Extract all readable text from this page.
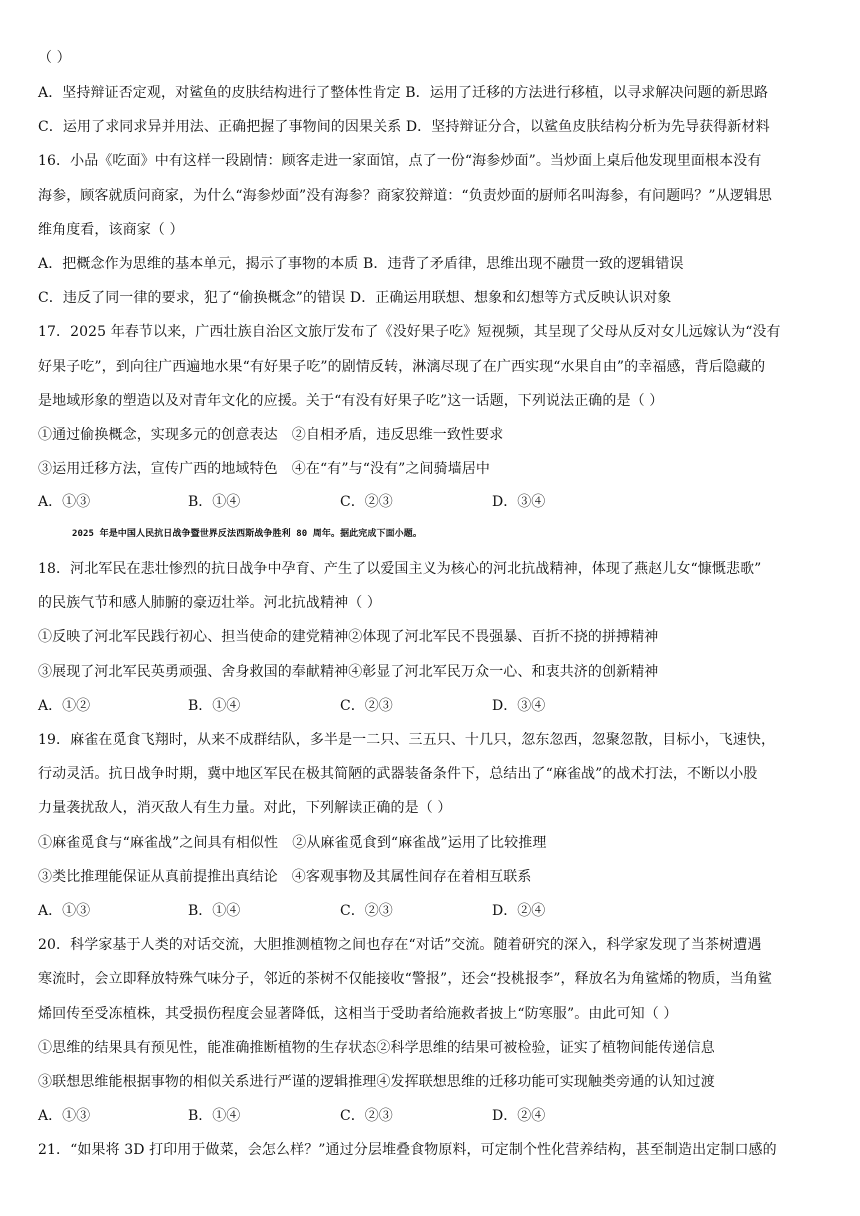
（ ）
A．坚持辩证否定观，对鲨鱼的皮肤结构进行了整体性肯定 B．运用了迁移的方法进行移植，以寻求解决问题的新思路
C．运用了求同求异并用法、正确把握了事物间的因果关系 D．坚持辩证分合，以鲨鱼皮肤结构分析为先导获得新材料
16．小品《吃面》中有这样一段剧情：顾客走进一家面馆，点了一份“海参炒面”。当炒面上桌后他发现里面根本没有
海参，顾客就质问商家，为什么“海参炒面”没有海参？商家狡辩道：“负责炒面的厨师名叫海参，有问题吗？”从逻辑思
维角度看，该商家（ ）
A．把概念作为思维的基本单元，揭示了事物的本质 B．违背了矛盾律，思维出现不融贯一致的逻辑错误
C．违反了同一律的要求，犯了“偷换概念”的错误 D．正确运用联想、想象和幻想等方式反映认识对象
17．2025 年春节以来，广西壮族自治区文旅厅发布了《没好果子吃》短视频，其呈现了父母从反对女儿远嫁认为“没有
好果子吃”，到向往广西遍地水果“有好果子吃”的剧情反转，淋漓尽现了在广西实现“水果自由”的幸福感，背后隐藏的
是地域形象的塑造以及对青年文化的应援。关于“有没有好果子吃”这一话题，下列说法正确的是（ ）
①通过偷换概念，实现多元的创意表达　②自相矛盾，违反思维一致性要求
③运用迁移方法，宣传广西的地域特色　④在“有”与“没有”之间骑墙居中
A．①③	B．①④	C．②③	D．③④
2025 年是中国人民抗日战争暨世界反法西斯战争胜利 80 周年。据此完成下面小题。
18．河北军民在悲壮惨烈的抗日战争中孕育、产生了以爱国主义为核心的河北抗战精神，体现了燕赵儿女“慷慨悲歌”
的民族气节和感人肺腑的豪迈壮举。河北抗战精神（ ）
①反映了河北军民践行初心、担当使命的建党精神②体现了河北军民不畏强暴、百折不挠的拼搏精神
③展现了河北军民英勇顽强、舍身救国的奉献精神④彰显了河北军民万众一心、和衷共济的创新精神
A．①②	B．①④	C．②③	D．③④
19．麻雀在觅食飞翔时，从来不成群结队，多半是一二只、三五只、十几只，忽东忽西，忽聚忽散，目标小，飞速快，
行动灵活。抗日战争时期，冀中地区军民在极其简陋的武器装备条件下，总结出了“麻雀战”的战术打法，不断以小股
力量袭扰敌人，消灭敌人有生力量。对此，下列解读正确的是（ ）
①麻雀觅食与“麻雀战”之间具有相似性　②从麻雀觅食到“麻雀战”运用了比较推理
③类比推理能保证从真前提推出真结论　④客观事物及其属性间存在着相互联系
A．①③	B．①④	C．②③	D．②④
20．科学家基于人类的对话交流，大胆推测植物之间也存在“对话”交流。随着研究的深入，科学家发现了当茶树遭遇
寒流时，会立即释放特殊气味分子，邻近的茶树不仅能接收“警报”，还会“投桃报李”，释放名为角鲨烯的物质，当角鲨
烯回传至受冻植株，其受损伤程度会显著降低，这相当于受助者给施救者披上“防寒服”。由此可知（ ）
①思维的结果具有预见性，能准确推断植物的生存状态②科学思维的结果可被检验，证实了植物间能传递信息
③联想思维能根据事物的相似关系进行严谨的逻辑推理④发挥联想思维的迁移功能可实现触类旁通的认知过渡
A．①③	B．①④	C．②③	D．②④
21．“如果将 3D 打印用于做菜，会怎么样？”通过分层堆叠食物原料，可定制个性化营养结构，甚至制造出定制口感的
